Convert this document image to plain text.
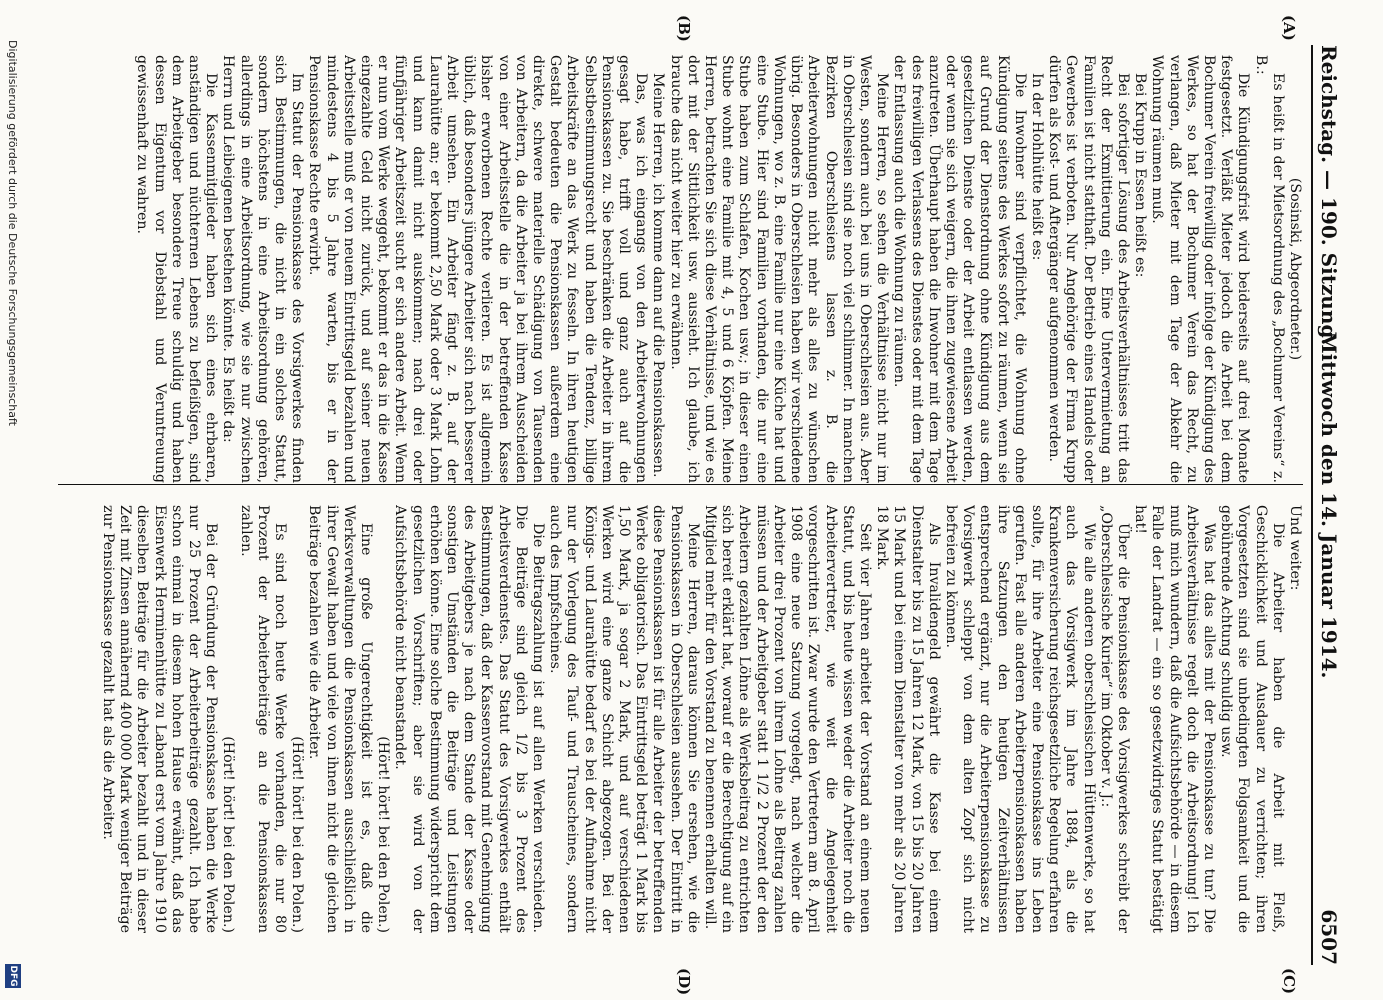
Reichstag. — 190. Sitzung.
Mittwoch den 14. Januar 1914.
6507
(A)
(B)
(C)
(D)

(Sosinski, Abgeordneter.)

Es heißt in der Mietsordnung des „Bochumer Vereins“ z. B.:

Die Kündigungsfrist wird beiderseits auf drei Monate festgesetzt. Verläßt Mieter jedoch die Arbeit bei dem Bochumer Verein freiwillig oder infolge der Kündigung des Werkes, so hat der Bochumer Verein das Recht, zu verlangen, daß Mieter mit dem Tage der Abkehr die Wohnung räumen muß.

Bei Krupp in Essen heißt es:

Bei sofortiger Lösung des Arbeitsverhältnisses tritt das Recht der Exmittierung ein. Eine Untervermietung an Familien ist nicht statthaft. Der Betrieb eines Handels oder Gewerbes ist verboten. Nur Angehörige der Firma Krupp dürfen als Kost- und Aftergänger aufgenommen werden.

In der Hohlhütte heißt es:

Die Inwohner sind verpflichtet, die Wohnung ohne Kündigung seitens des Werkes sofort zu räumen, wenn sie auf Grund der Dienstordnung ohne Kündigung aus dem gesetzlichen Dienste oder der Arbeit entlassen werden, oder wenn sie sich weigern, die ihnen zugewiesene Arbeit anzutreten. Überhaupt haben die Inwohner mit dem Tage des freiwilligen Verlassens des Dienstes oder mit dem Tage der Entlassung auch die Wohnung zu räumen.

Meine Herren, so sehen die Verhältnisse nicht nur im Westen, sondern auch bei uns in Oberschlesien aus. Aber in Oberschlesien sind sie noch viel schlimmer. In manchen Bezirken Oberschlesiens lassen z. B. die Arbeiterwohnungen nicht mehr als alles zu wünschen übrig. Besonders in Oberschlesien haben wir verschiedene Wohnungen, wo z. B. eine Familie nur eine Küche hat und eine Stube. Hier sind Familien vorhanden, die nur eine Stube haben zum Schlafen, Kochen usw.; in dieser einen Stube wohnt eine Familie mit 4, 5 und 6 Köpfen. Meine Herren, betrachten Sie sich diese Verhältnisse, und wie es dort mit der Sittlichkeit usw. aussieht. Ich glaube, ich brauche das nicht weiter hier zu erwähnen.

Meine Herren, ich komme dann auf die Pensionskassen.

Das, was ich eingangs von den Arbeiterwohnungen gesagt habe, trifft voll und ganz auch auf die Pensionskassen zu. Sie beschränken die Arbeiter in ihrem Selbstbestimmungsrecht und haben die Tendenz, billige Arbeitskräfte an das Werk zu fesseln. In ihren heutigen Gestalt bedeuten die Pensionskassen außerdem eine direkte, schwere materielle Schädigung von Tausenden von Arbeitern, da die Arbeiter ja bei ihrem Ausscheiden von einer Arbeitsstelle die in der betreffenden Kasse bisher erworbenen Rechte verlieren. Es ist allgemein üblich, daß besonders jüngere Arbeiter sich nach besserer Arbeit umsehen. Ein Arbeiter fängt z. B. auf der Laurahütte an; er bekommt 2,50 Mark oder 3 Mark Lohn und kann damit nicht auskommen; nach drei oder fünfjähriger Arbeitszeit sucht er sich andere Arbeit. Wenn er nun vom Werke weggeht, bekommt er das in die Kasse eingezahlte Geld nicht zurück, und auf seiner neuen Arbeitsstelle muß er von neuem Eintrittsgeld bezahlen und mindestens 4 bis 5 Jahre warten, bis er in der Pensionskasse Rechte erwirbt.

Im Statut der Pensionskasse des Vorsigwerkes finden sich Bestimmungen, die nicht in ein solches Statut, sondern höchstens in eine Arbeitsordnung gehören, allerdings in eine Arbeitsordnung, wie sie nur zwischen Herrn und Leibeigenen bestehen könnte. Es heißt da:

Die Kassenmitglieder haben sich eines ehrbaren, anständigen und nüchternen Lebens zu befleißigen, sind dem Arbeitgeber besondere Treue schuldig und haben dessen Eigentum vor Diebstahl und Veruntreuung gewissenhaft zu wahren.

Und weiter:

Die Arbeiter haben die Arbeit mit Fleiß, Geschicklichkeit und Ausdauer zu verrichten; ihren Vorgesetzten sind sie unbedingten Folgsamkeit und die gebührende Achtung schuldig usw.

Was hat das alles mit der Pensionskasse zu tun? Die Arbeitsverhältnisse regelt doch die Arbeitsordnung! Ich muß mich wundern, daß die Aufsichtsbehörde — in diesem Falle der Landrat — ein so gesetzwidriges Statut bestätigt hat!

Über die Pensionskasse des Vorsigwerkes schreibt der „Oberschlesische Kurier“ im Oktober v. J.:

Wie alle anderen oberschlesischen Hüttenwerke, so hat auch das Vorsigwerk im Jahre 1884, als die Krankenversicherung reichsgesetzliche Regelung erfahren sollte, für ihre Arbeiter eine Pensionskasse ins Leben gerufen. Fast alle anderen Arbeiterpensionskassen haben ihre Satzungen den heutigen Zeitverhältnissen entsprechend ergänzt, nur die Arbeiterpensionskasse zu Vorsigwerk schleppt von dem alten Zopf sich nicht befreien zu können.

Als Invalidengeld gewährt die Kasse bei einem Dienstalter bis zu 15 Jahren 12 Mark, von 15 bis 20 Jahren 15 Mark und bei einem Dienstalter von mehr als 20 Jahren 18 Mark.

Seit vier Jahren arbeitet der Vorstand an einem neuen Statut, und bis heute wissen weder die Arbeiter noch die Arbeitervertreter, wie weit die Angelegenheit vorgeschritten ist. Zwar wurde den Vertretern am 8. April 1908 eine neue Satzung vorgelegt, nach welcher die Arbeiter drei Prozent von ihrem Lohne als Beitrag zahlen müssen und der Arbeitgeber statt 1 1/2 2 Prozent der den Arbeitern gezahlten Löhne als Werksbeitrag zu entrichten sich bereit erklärt hat, worauf er die Berechtigung auf ein Mitglied mehr für den Vorstand zu benennen erhalten will.

Meine Herren, daraus können Sie ersehen, wie die Pensionskassen in Oberschlesien aussehen. Der Eintritt in diese Pensionskassen ist für alle Arbeiter der betreffenden Werke obligatorisch. Das Eintrittsgeld beträgt 1 Mark bis 1,50 Mark, ja sogar 2 Mark, und auf verschiedenen Werken wird eine ganze Schicht abgezogen. Bei der Königs- und Laurahütte bedarf es bei der Aufnahme nicht nur der Vorlegung des Tauf- und Trauscheines, sondern auch des Impfscheines.

Die Beitragszahlung ist auf allen Werken verschieden. Die Beiträge sind gleich 1/2 bis 3 Prozent des Arbeitsverdienstes. Das Statut des Vorsigwerkes enthält Bestimmungen, daß der Kassenvorstand mit Genehmigung des Arbeitgebers je nach dem Stande der Kasse oder sonstigen Umständen die Beiträge und Leistungen erhöhen könne. Eine solche Bestimmung widerspricht dem gesetzlichen Vorschriften; aber sie wird von der Aufsichtsbehörde nicht beanstandet.

(Hört! hört! bei den Polen.)

Eine große Ungerechtigkeit ist es, daß die Werksverwaltungen die Pensionskassen ausschließlich in ihrer Gewalt haben und viele von ihnen nicht die gleichen Beiträge bezahlen wie die Arbeiter.

(Hört! hört! bei den Polen.)

Es sind noch heute Werke vorhanden, die nur 80 Prozent der Arbeiterbeiträge an die Pensionskassen zahlen.

(Hört! hört! bei den Polen.)

Bei der Gründung der Pensionskasse haben die Werke nur 25 Prozent der Arbeiterbeiträge gezahlt. Ich habe schon einmal in diesem hohen Hause erwähnt, daß das Eisenwerk Herminenhütte zu Laband erst vom Jahre 1910 dieselben Beiträge für die Arbeiter bezahlt und in dieser Zeit mit Zinsen annähernd 400 000 Mark weniger Beiträge zur Pensionskasse gezahlt hat als die Arbeiter.

Digitalisierung gefördert durch die Deutsche Forschungsgemeinschaft
DFG
